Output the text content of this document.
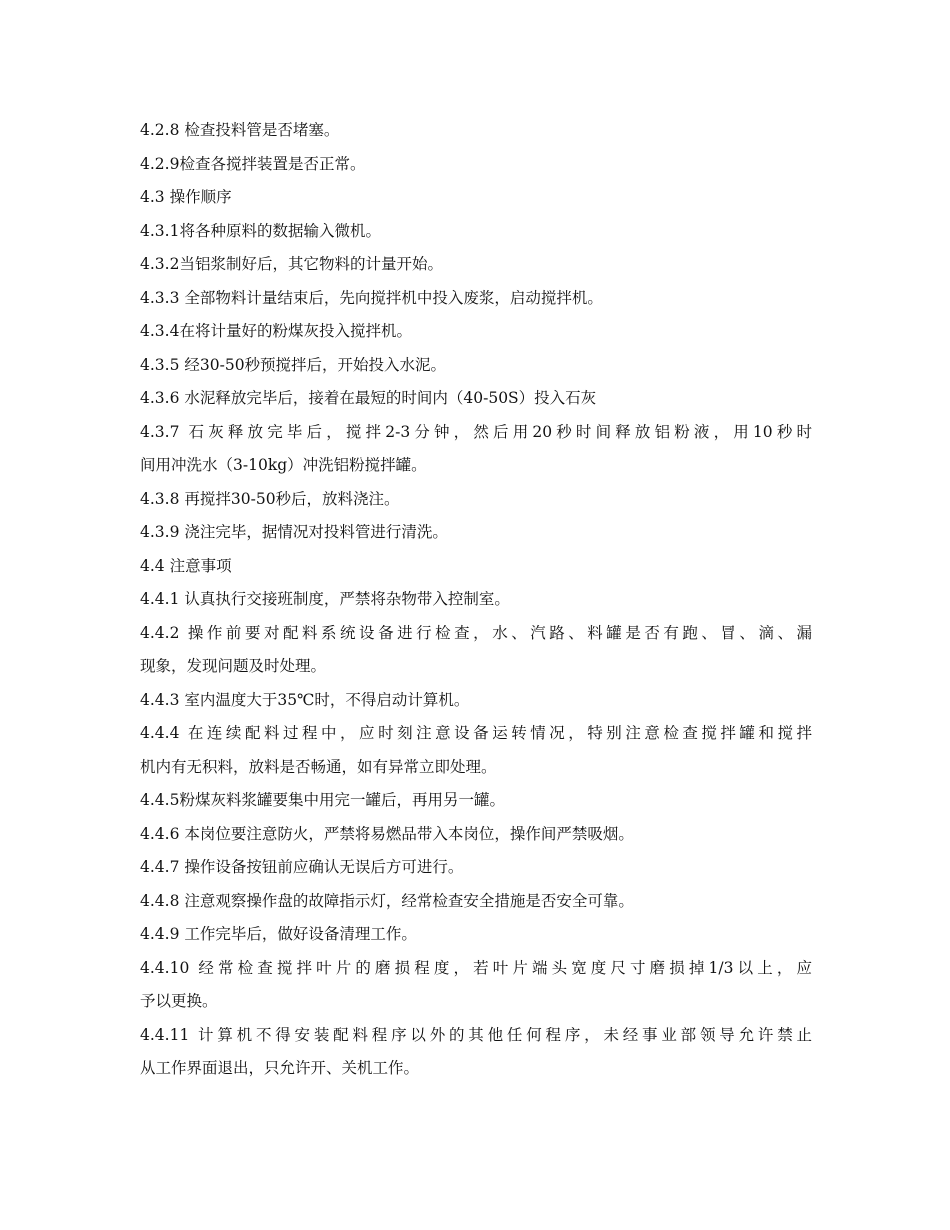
4.2.8 检查投料管是否堵塞。
4.2.9检查各搅拌装置是否正常。
4.3 操作顺序
4.3.1将各种原料的数据输入微机。
4.3.2当铝浆制好后，其它物料的计量开始。
4.3.3 全部物料计量结束后，先向搅拌机中投入废浆，启动搅拌机。
4.3.4在将计量好的粉煤灰投入搅拌机。
4.3.5 经30-50秒预搅拌后，开始投入水泥。
4.3.6 水泥释放完毕后，接着在最短的时间内（40-50S）投入石灰
4.3.7 石灰释放完毕后，搅拌2-3分钟，然后用20秒时间释放铝粉液，用10秒时
间用冲洗水（3-10kg）冲洗铝粉搅拌罐。
4.3.8 再搅拌30-50秒后，放料浇注。
4.3.9 浇注完毕，据情况对投料管进行清洗。
4.4 注意事项
4.4.1 认真执行交接班制度，严禁将杂物带入控制室。
4.4.2 操作前要对配料系统设备进行检查，水、汽路、料罐是否有跑、冒、滴、漏
现象，发现问题及时处理。
4.4.3 室内温度大于35℃时，不得启动计算机。
4.4.4 在连续配料过程中，应时刻注意设备运转情况，特别注意检查搅拌罐和搅拌
机内有无积料，放料是否畅通，如有异常立即处理。
4.4.5粉煤灰料浆罐要集中用完一罐后，再用另一罐。
4.4.6 本岗位要注意防火，严禁将易燃品带入本岗位，操作间严禁吸烟。
4.4.7 操作设备按钮前应确认无误后方可进行。
4.4.8 注意观察操作盘的故障指示灯，经常检查安全措施是否安全可靠。
4.4.9 工作完毕后，做好设备清理工作。
4.4.10 经常检查搅拌叶片的磨损程度，若叶片端头宽度尺寸磨损掉1/3以上，应
予以更换。
4.4.11 计算机不得安装配料程序以外的其他任何程序，未经事业部领导允许禁止
从工作界面退出，只允许开、关机工作。
